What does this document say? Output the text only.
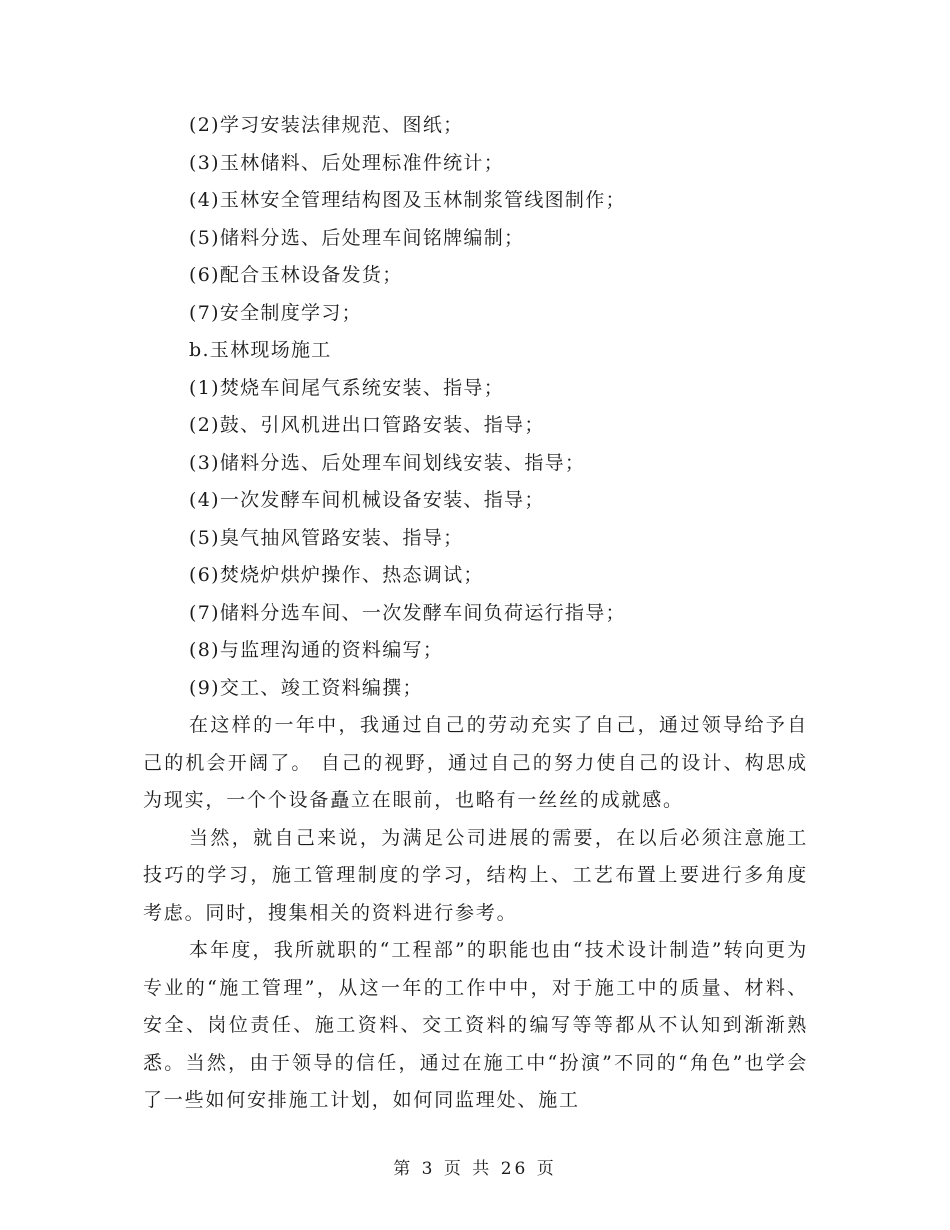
(2)学习安装法律规范、图纸；
(3)玉林储料、后处理标准件统计；
(4)玉林安全管理结构图及玉林制浆管线图制作；
(5)储料分选、后处理车间铭牌编制；
(6)配合玉林设备发货；
(7)安全制度学习；
b.玉林现场施工
(1)焚烧车间尾气系统安装、指导；
(2)鼓、引风机进出口管路安装、指导；
(3)储料分选、后处理车间划线安装、指导；
(4)一次发酵车间机械设备安装、指导；
(5)臭气抽风管路安装、指导；
(6)焚烧炉烘炉操作、热态调试；
(7)储料分选车间、一次发酵车间负荷运行指导；
(8)与监理沟通的资料编写；
(9)交工、竣工资料编撰；

在这样的一年中，我通过自己的劳动充实了自己，通过领导给予自己的机会开阔了。 自己的视野，通过自己的努力使自己的设计、构思成为现实，一个个设备矗立在眼前，也略有一丝丝的成就感。

当然，就自己来说，为满足公司进展的需要，在以后必须注意施工技巧的学习，施工管理制度的学习，结构上、工艺布置上要进行多角度考虑。同时，搜集相关的资料进行参考。

本年度，我所就职的“工程部”的职能也由“技术设计制造”转向更为专业的“施工管理”，从这一年的工作中中，对于施工中的质量、材料、安全、岗位责任、施工资料、交工资料的编写等等都从不认知到渐渐熟悉。当然，由于领导的信任，通过在施工中“扮演”不同的“角色”也学会了一些如何安排施工计划，如何同监理处、施工

第 3 页 共 26 页
